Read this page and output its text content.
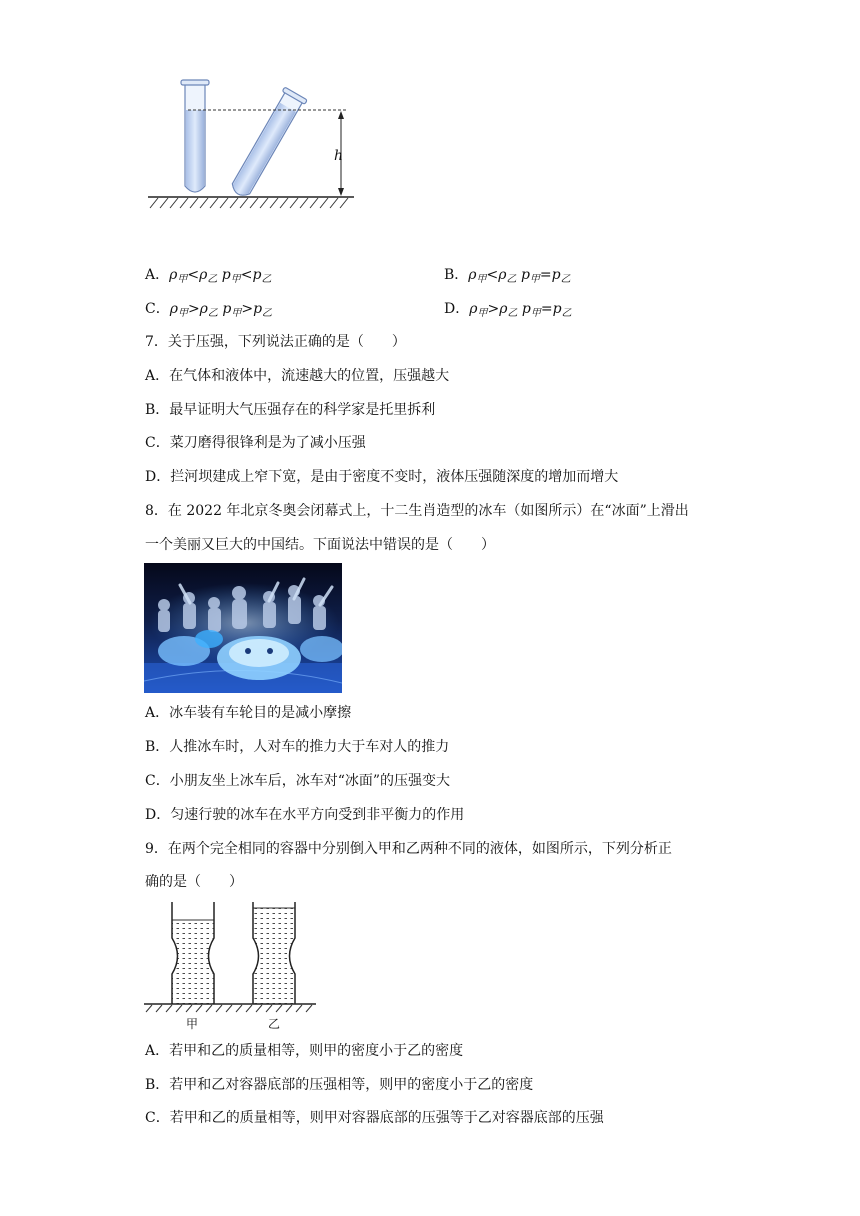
h
A．$\rho_甲<\rho_乙$ $p_甲<p_乙$	B．$\rho_甲<\rho_乙$ $p_甲=p_乙$
C．$\rho_甲>\rho_乙$ $p_甲>p_乙$	D．$\rho_甲>\rho_乙$ $p_甲=p_乙$
7．关于压强，下列说法正确的是（　　）
A．在气体和液体中，流速越大的位置，压强越大
B．最早证明大气压强存在的科学家是托里拆利
C．菜刀磨得很锋利是为了减小压强
D．拦河坝建成上窄下宽，是由于密度不变时，液体压强随深度的增加而增大
8．在 2022 年北京冬奥会闭幕式上，十二生肖造型的冰车（如图所示）在“冰面”上滑出
一个美丽又巨大的中国结。下面说法中错误的是（　　）
A．冰车装有车轮目的是减小摩擦
B．人推冰车时，人对车的推力大于车对人的推力
C．小朋友坐上冰车后，冰车对“冰面”的压强变大
D．匀速行驶的冰车在水平方向受到非平衡力的作用
9．在两个完全相同的容器中分别倒入甲和乙两种不同的液体，如图所示，下列分析正
确的是（　　）
甲	乙
A．若甲和乙的质量相等，则甲的密度小于乙的密度
B．若甲和乙对容器底部的压强相等，则甲的密度小于乙的密度
C．若甲和乙的质量相等，则甲对容器底部的压强等于乙对容器底部的压强
